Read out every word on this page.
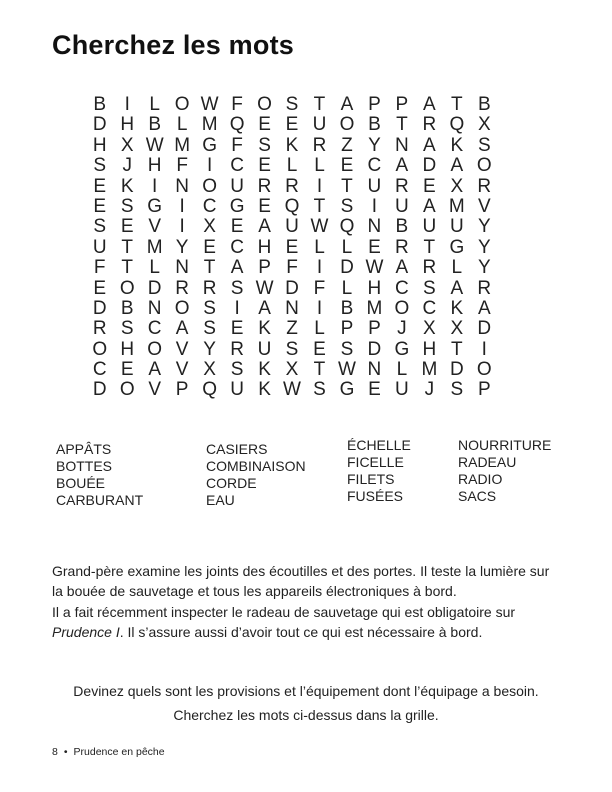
Cherchez les mots
B I	L O W F O S T A P P A T B
D H B L M Q E E U O B T R Q X
H X W M G F S K R Z Y N A K S
S J H F	I C E L L E C A D A O
E K I N O U R R I	T U R E X R
E S G I C G E Q T S I U A M V
S E V I X E A U W Q N B U U Y
U T M Y E C H E L L E R T G Y
F T L N T A P F	I D W A R L Y
E O D R R S W D F L H C S A R
D B N O S I A N I B M O C K A
R S C A S E K Z L P P J X X D
O H O V Y R U S E S D G H T	I
C E A V X S K X T W N L M D O
D O V P Q U K W S G E U J S P
APPÂTS
BOTTES
BOUÉE
CARBURANT
CASIERS
COMBINAISON
CORDE
EAU
ÉCHELLE
FICELLE
FILETS
FUSÉES
NOURRITURE
RADEAU
RADIO
SACS
Grand-père examine les joints des écoutilles et des portes. Il teste la lumière sur la bouée de sauvetage et tous les appareils électroniques à bord.
Il a fait récemment inspecter le radeau de sauvetage qui est obligatoire sur Prudence I. Il s’assure aussi d’avoir tout ce qui est nécessaire à bord.
Devinez quels sont les provisions et l’équipement dont l’équipage a besoin.
Cherchez les mots ci-dessus dans la grille.
8 • Prudence en pêche
